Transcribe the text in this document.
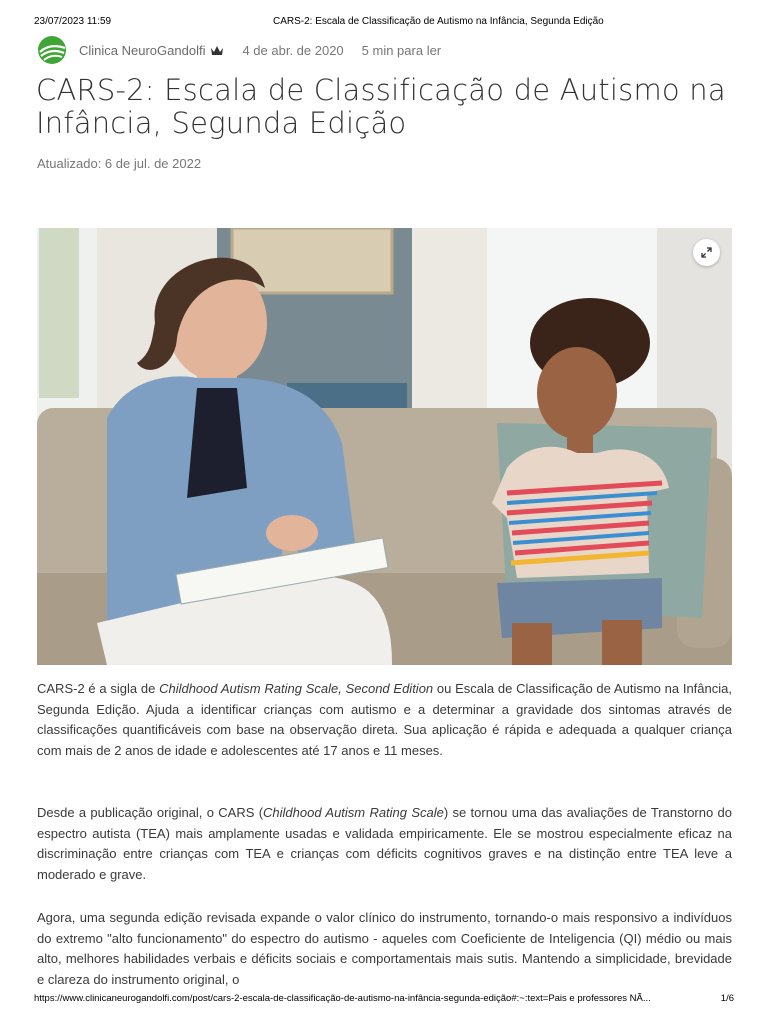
23/07/2023 11:59	CARS-2: Escala de Classificação de Autismo na Infância, Segunda Edição
Clinica NeuroGandolfi	4 de abr. de 2020 5 min para ler
CARS-2: Escala de Classificação de Autismo na Infância, Segunda Edição
Atualizado: 6 de jul. de 2022

CARS-2 é a sigla de Childhood Autism Rating Scale, Second Edition ou Escala de Classificação de Autismo na Infância, Segunda Edição. Ajuda a identificar crianças com autismo e a determinar a gravidade dos sintomas através de classificações quantificáveis com base na observação direta. Sua aplicação é rápida e adequada a qualquer criança com mais de 2 anos de idade e adolescentes até 17 anos e 11 meses.

Desde a publicação original, o CARS (Childhood Autism Rating Scale) se tornou uma das avaliações de Transtorno do espectro autista (TEA) mais amplamente usadas e validada empiricamente. Ele se mostrou especialmente eficaz na discriminação entre crianças com TEA e crianças com déficits cognitivos graves e na distinção entre TEA leve a moderado e grave.

Agora, uma segunda edição revisada expande o valor clínico do instrumento, tornando-o mais responsivo a indivíduos do extremo "alto funcionamento" do espectro do autismo - aqueles com Coeficiente de Inteligencia (QI) médio ou mais alto, melhores habilidades verbais e déficits sociais e comportamentais mais sutis. Mantendo a simplicidade, brevidade e clareza do instrumento original, o

https://www.clinicaneurogandolfi.com/post/cars-2-escala-de-classificação-de-autismo-na-infância-segunda-edição#:~:text=Pais e professores NÃ...	1/6
